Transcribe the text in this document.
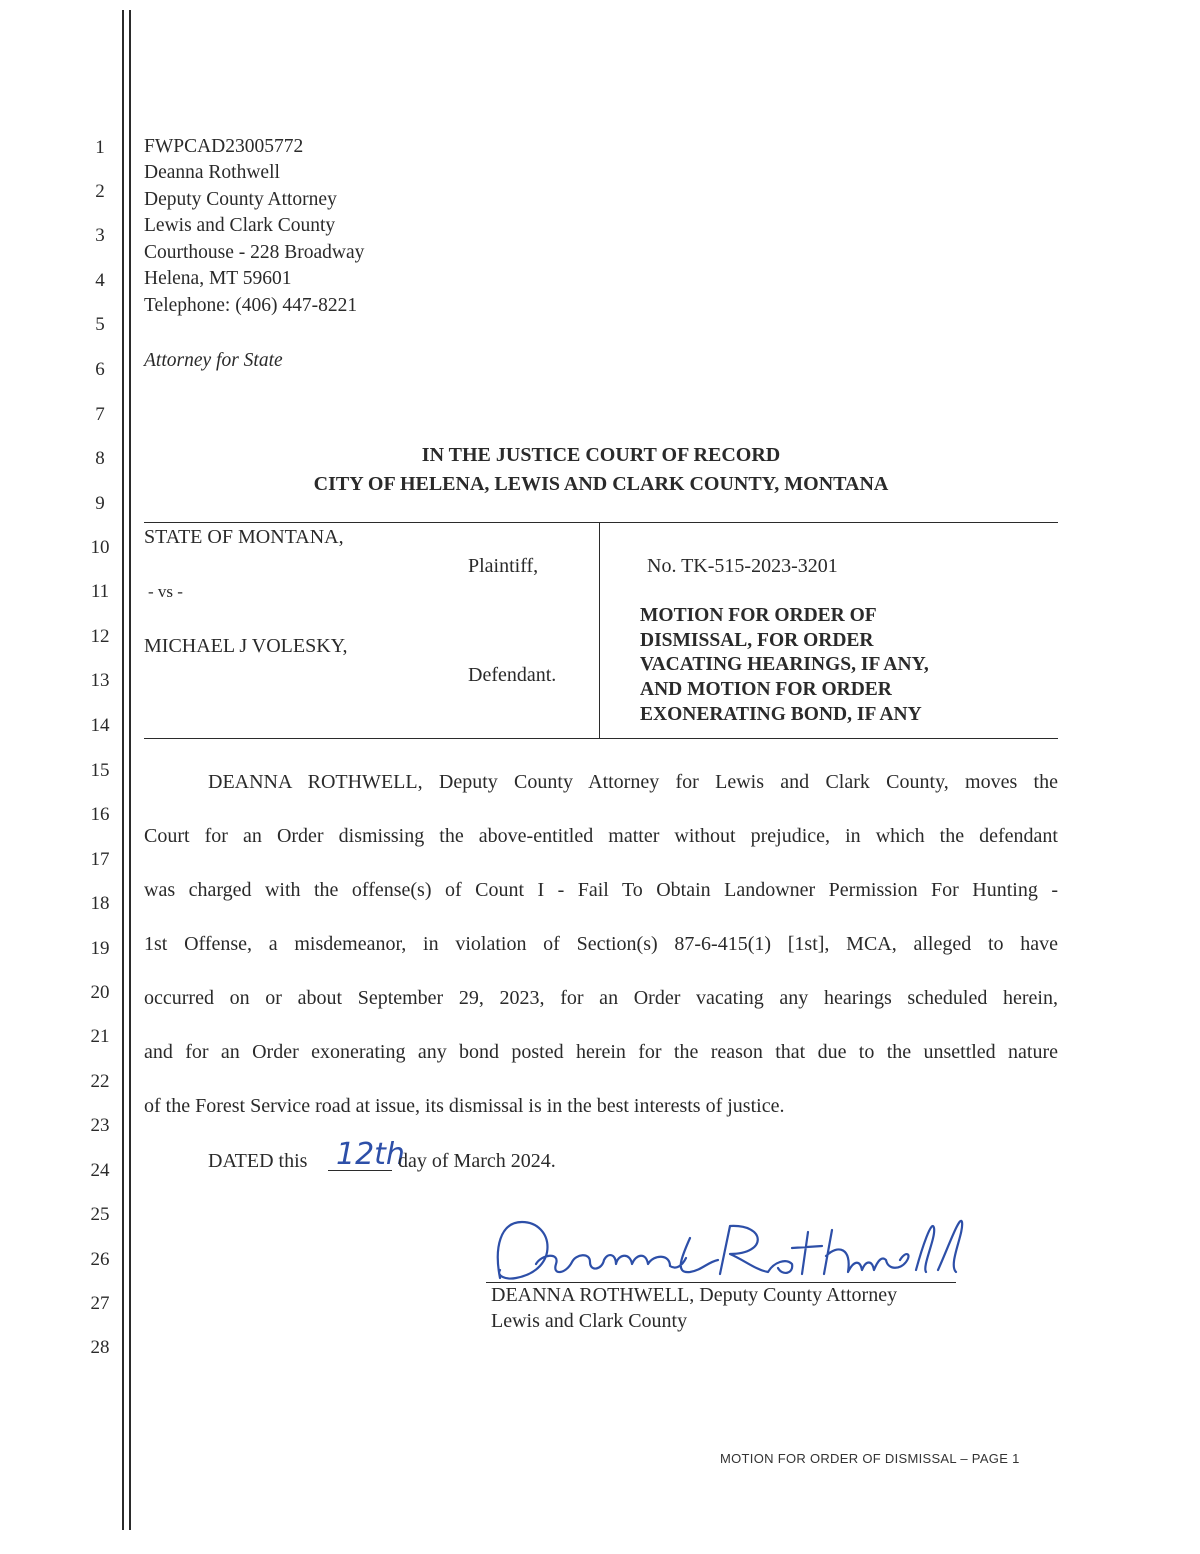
1
2
3
4
5
6
7
8
9
10
11
12
13
14
15
16
17
18
19
20
21
22
23
24
25
26
27
28
FWPCAD23005772
Deanna Rothwell
Deputy County Attorney
Lewis and Clark County
Courthouse - 228 Broadway
Helena, MT 59601
Telephone: (406) 447-8221
Attorney for State
IN THE JUSTICE COURT OF RECORD
CITY OF HELENA, LEWIS AND CLARK COUNTY, MONTANA
STATE OF MONTANA,
Plaintiff,
- vs -
MICHAEL J VOLESKY,
Defendant.
No. TK-515-2023-3201
MOTION FOR ORDER OF
DISMISSAL, FOR ORDER
VACATING HEARINGS, IF ANY,
AND MOTION FOR ORDER
EXONERATING BOND, IF ANY
DEANNA ROTHWELL, Deputy County Attorney for Lewis and Clark County, moves the
Court for an Order dismissing the above-entitled matter without prejudice, in which the defendant
was charged with the offense(s) of Count I - Fail To Obtain Landowner Permission For Hunting -
1st Offense, a misdemeanor, in violation of Section(s) 87-6-415(1) [1st], MCA, alleged to have
occurred on or about September 29, 2023, for an Order vacating any hearings scheduled herein,
and for an Order exonerating any bond posted herein for the reason that due to the unsettled nature
of the Forest Service road at issue, its dismissal is in the best interests of justice.
DATED this 12th
day of March 2024.
DEANNA ROTHWELL, Deputy County Attorney
Lewis and Clark County
MOTION FOR ORDER OF DISMISSAL – PAGE 1
